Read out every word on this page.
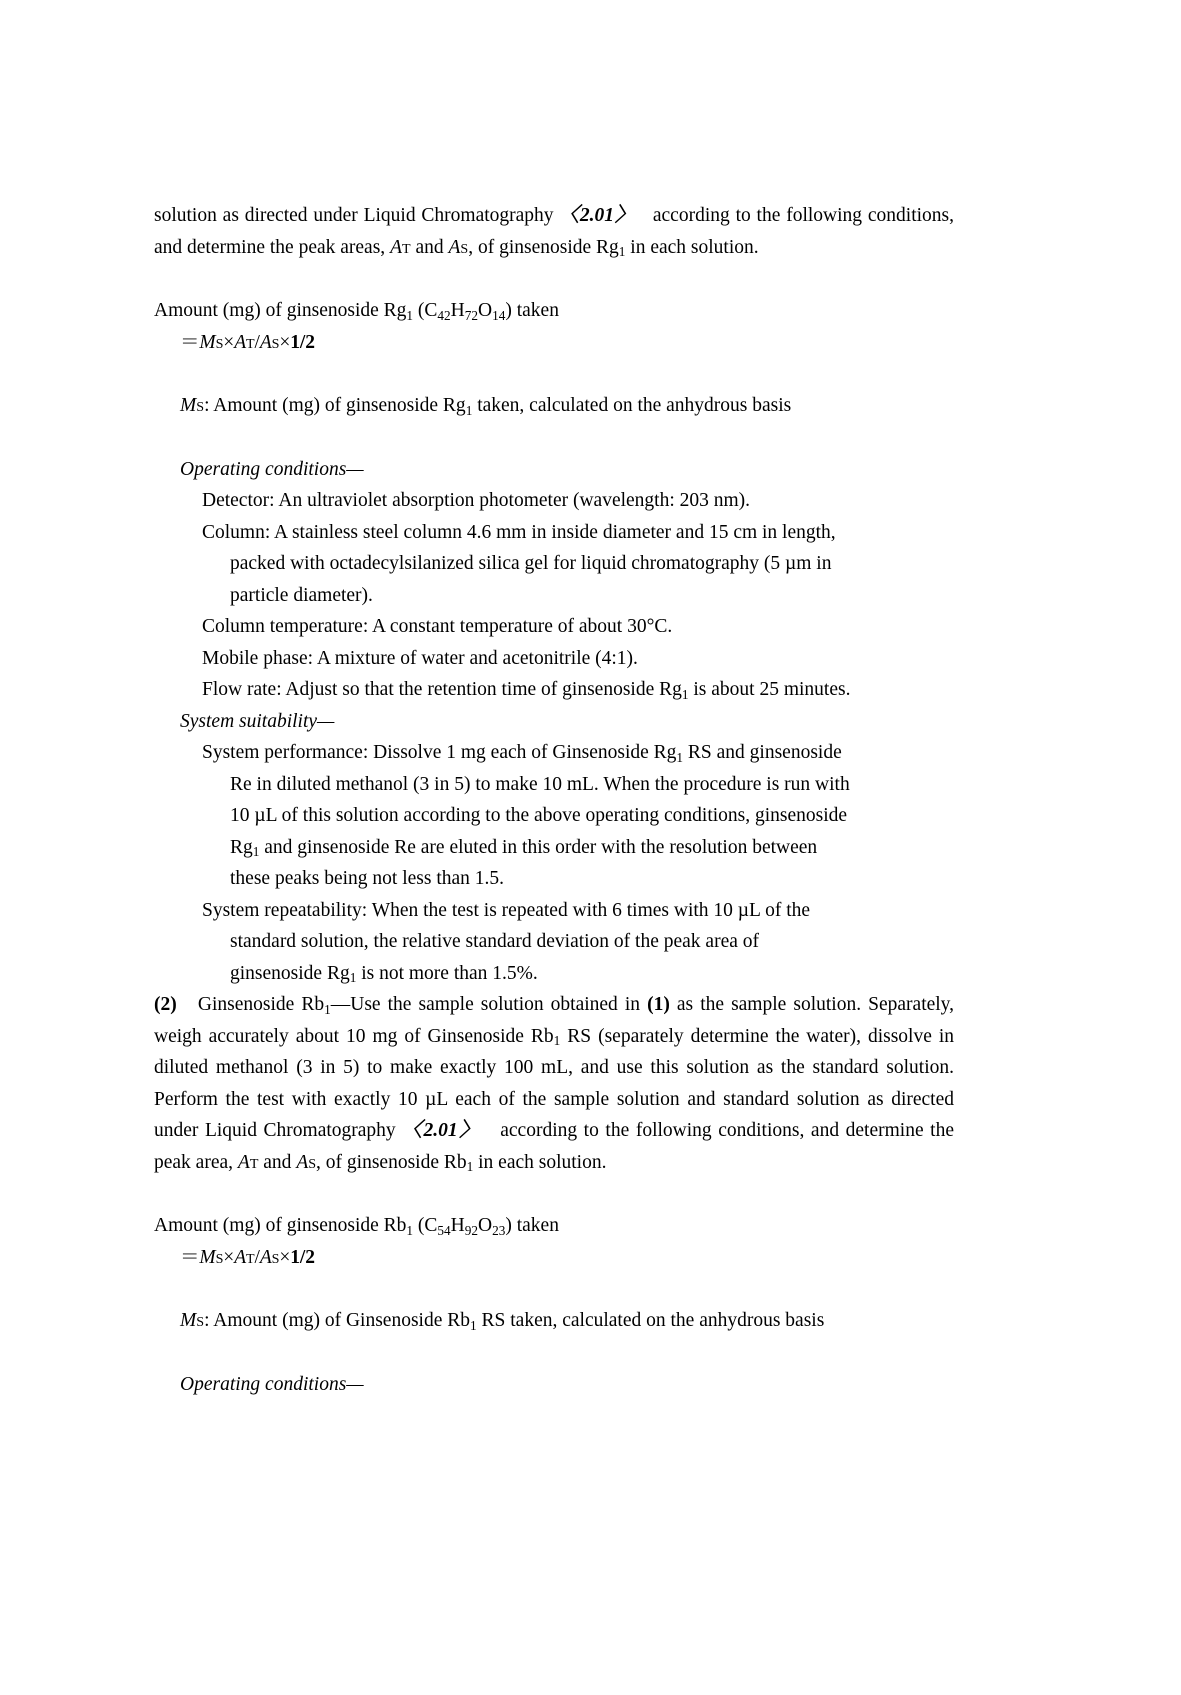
solution as directed under Liquid Chromatography 〈2.01〉 according to the following conditions, and determine the peak areas, AT and AS, of ginsenoside $Rg_1$ in each solution.

Amount (mg) of ginsenoside $Rg_1$ $(C_{42}H_{72}O_{14})$ taken
＝MS×AT/AS×1/2
MS: Amount (mg) of ginsenoside $Rg_1$ taken, calculated on the anhydrous basis
Operating conditions—
Detector: An ultraviolet absorption photometer (wavelength: 203 nm).
Column: A stainless steel column 4.6 mm in inside diameter and 15 cm in length,
packed with octadecylsilanized silica gel for liquid chromatography (5 µm in
particle diameter).
Column temperature: A constant temperature of about 30°C.
Mobile phase: A mixture of water and acetonitrile (4:1).
Flow rate: Adjust so that the retention time of ginsenoside $Rg_1$ is about 25 minutes.
System suitability—
System performance: Dissolve 1 mg each of Ginsenoside $Rg_1$ RS and ginsenoside
Re in diluted methanol (3 in 5) to make 10 mL. When the procedure is run with
10 µL of this solution according to the above operating conditions, ginsenoside
$Rg_1$ and ginsenoside Re are eluted in this order with the resolution between
these peaks being not less than 1.5.
System repeatability: When the test is repeated with 6 times with 10 µL of the
standard solution, the relative standard deviation of the peak area of
ginsenoside $Rg_1$ is not more than 1.5%.

(2) Ginsenoside $Rb_1—Use$ the sample solution obtained in (1) as the sample solution. Separately, weigh accurately about 10 mg of Ginsenoside $Rb_1$ RS (separately determine the water), dissolve in diluted methanol (3 in 5) to make exactly 100 mL, and use this solution as the standard solution. Perform the test with exactly 10 µL each of the sample solution and standard solution as directed under Liquid Chromatography 〈2.01〉 according to the following conditions, and determine the peak area, AT and AS, of ginsenoside $Rb_1$ in each solution.

Amount (mg) of ginsenoside $Rb_1$ $(C_{54}H_{92}O_{23})$ taken
＝MS×AT/AS×1/2
MS: Amount (mg) of Ginsenoside $Rb_1$ RS taken, calculated on the anhydrous basis
Operating conditions—
